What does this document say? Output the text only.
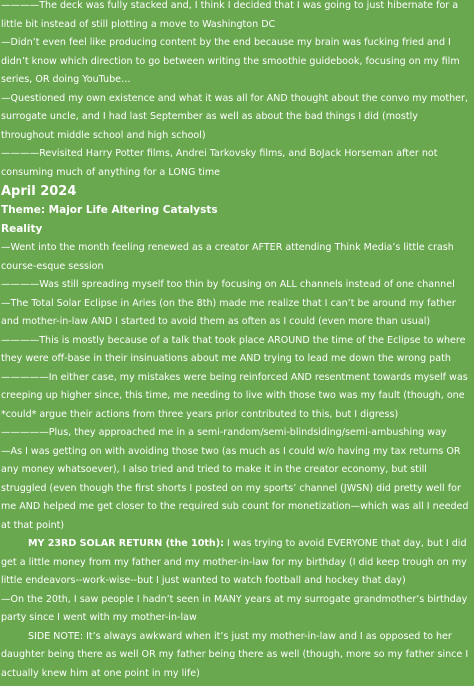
————The deck was fully stacked and, I think I decided that I was going to just hibernate for a little bit instead of still plotting a move to Washington DC

—Didn’t even feel like producing content by the end because my brain was fucking fried and I didn’t know which direction to go between writing the smoothie guidebook, focusing on my film series, OR doing YouTube…

—Questioned my own existence and what it was all for AND thought about the convo my mother, surrogate uncle, and I had last September as well as about the bad things I did (mostly throughout middle school and high school)

————Revisited Harry Potter films, Andrei Tarkovsky films, and BoJack Horseman after not consuming much of anything for a LONG time

April 2024
Theme: Major Life Altering Catalysts
Reality

—Went into the month feeling renewed as a creator AFTER attending Think Media’s little crash course-esque session

————Was still spreading myself too thin by focusing on ALL channels instead of one channel

—The Total Solar Eclipse in Aries (on the 8th) made me realize that I can’t be around my father and mother-in-law AND I started to avoid them as often as I could (even more than usual)

————This is mostly because of a talk that took place AROUND the time of the Eclipse to where they were off-base in their insinuations about me AND trying to lead me down the wrong path

—————In either case, my mistakes were being reinforced AND resentment towards myself was creeping up higher since, this time, me needing to live with those two was my fault (though, one *could* argue their actions from three years prior contributed to this, but I digress)

—————Plus, they approached me in a semi-random/semi-blindsiding/semi-ambushing way

—As I was getting on with avoiding those two (as much as I could w/o having my tax returns OR any money whatsoever), I also tried and tried to make it in the creator economy, but still struggled (even though the first shorts I posted on my sports’ channel (JWSN) did pretty well for me AND helped me get closer to the required sub count for monetization—which was all I needed at that point)

MY 23RD SOLAR RETURN (the 10th): I was trying to avoid EVERYONE that day, but I did get a little money from my father and my mother-in-law for my birthday (I did keep trough on my little endeavors--work-wise--but I just wanted to watch football and hockey that day)

—On the 20th, I saw people I hadn’t seen in MANY years at my surrogate grandmother’s birthday party since I went with my mother-in-law

SIDE NOTE: It’s always awkward when it’s just my mother-in-law and I as opposed to her daughter being there as well OR my father being there as well (though, more so my father since I actually knew him at one point in my life)
